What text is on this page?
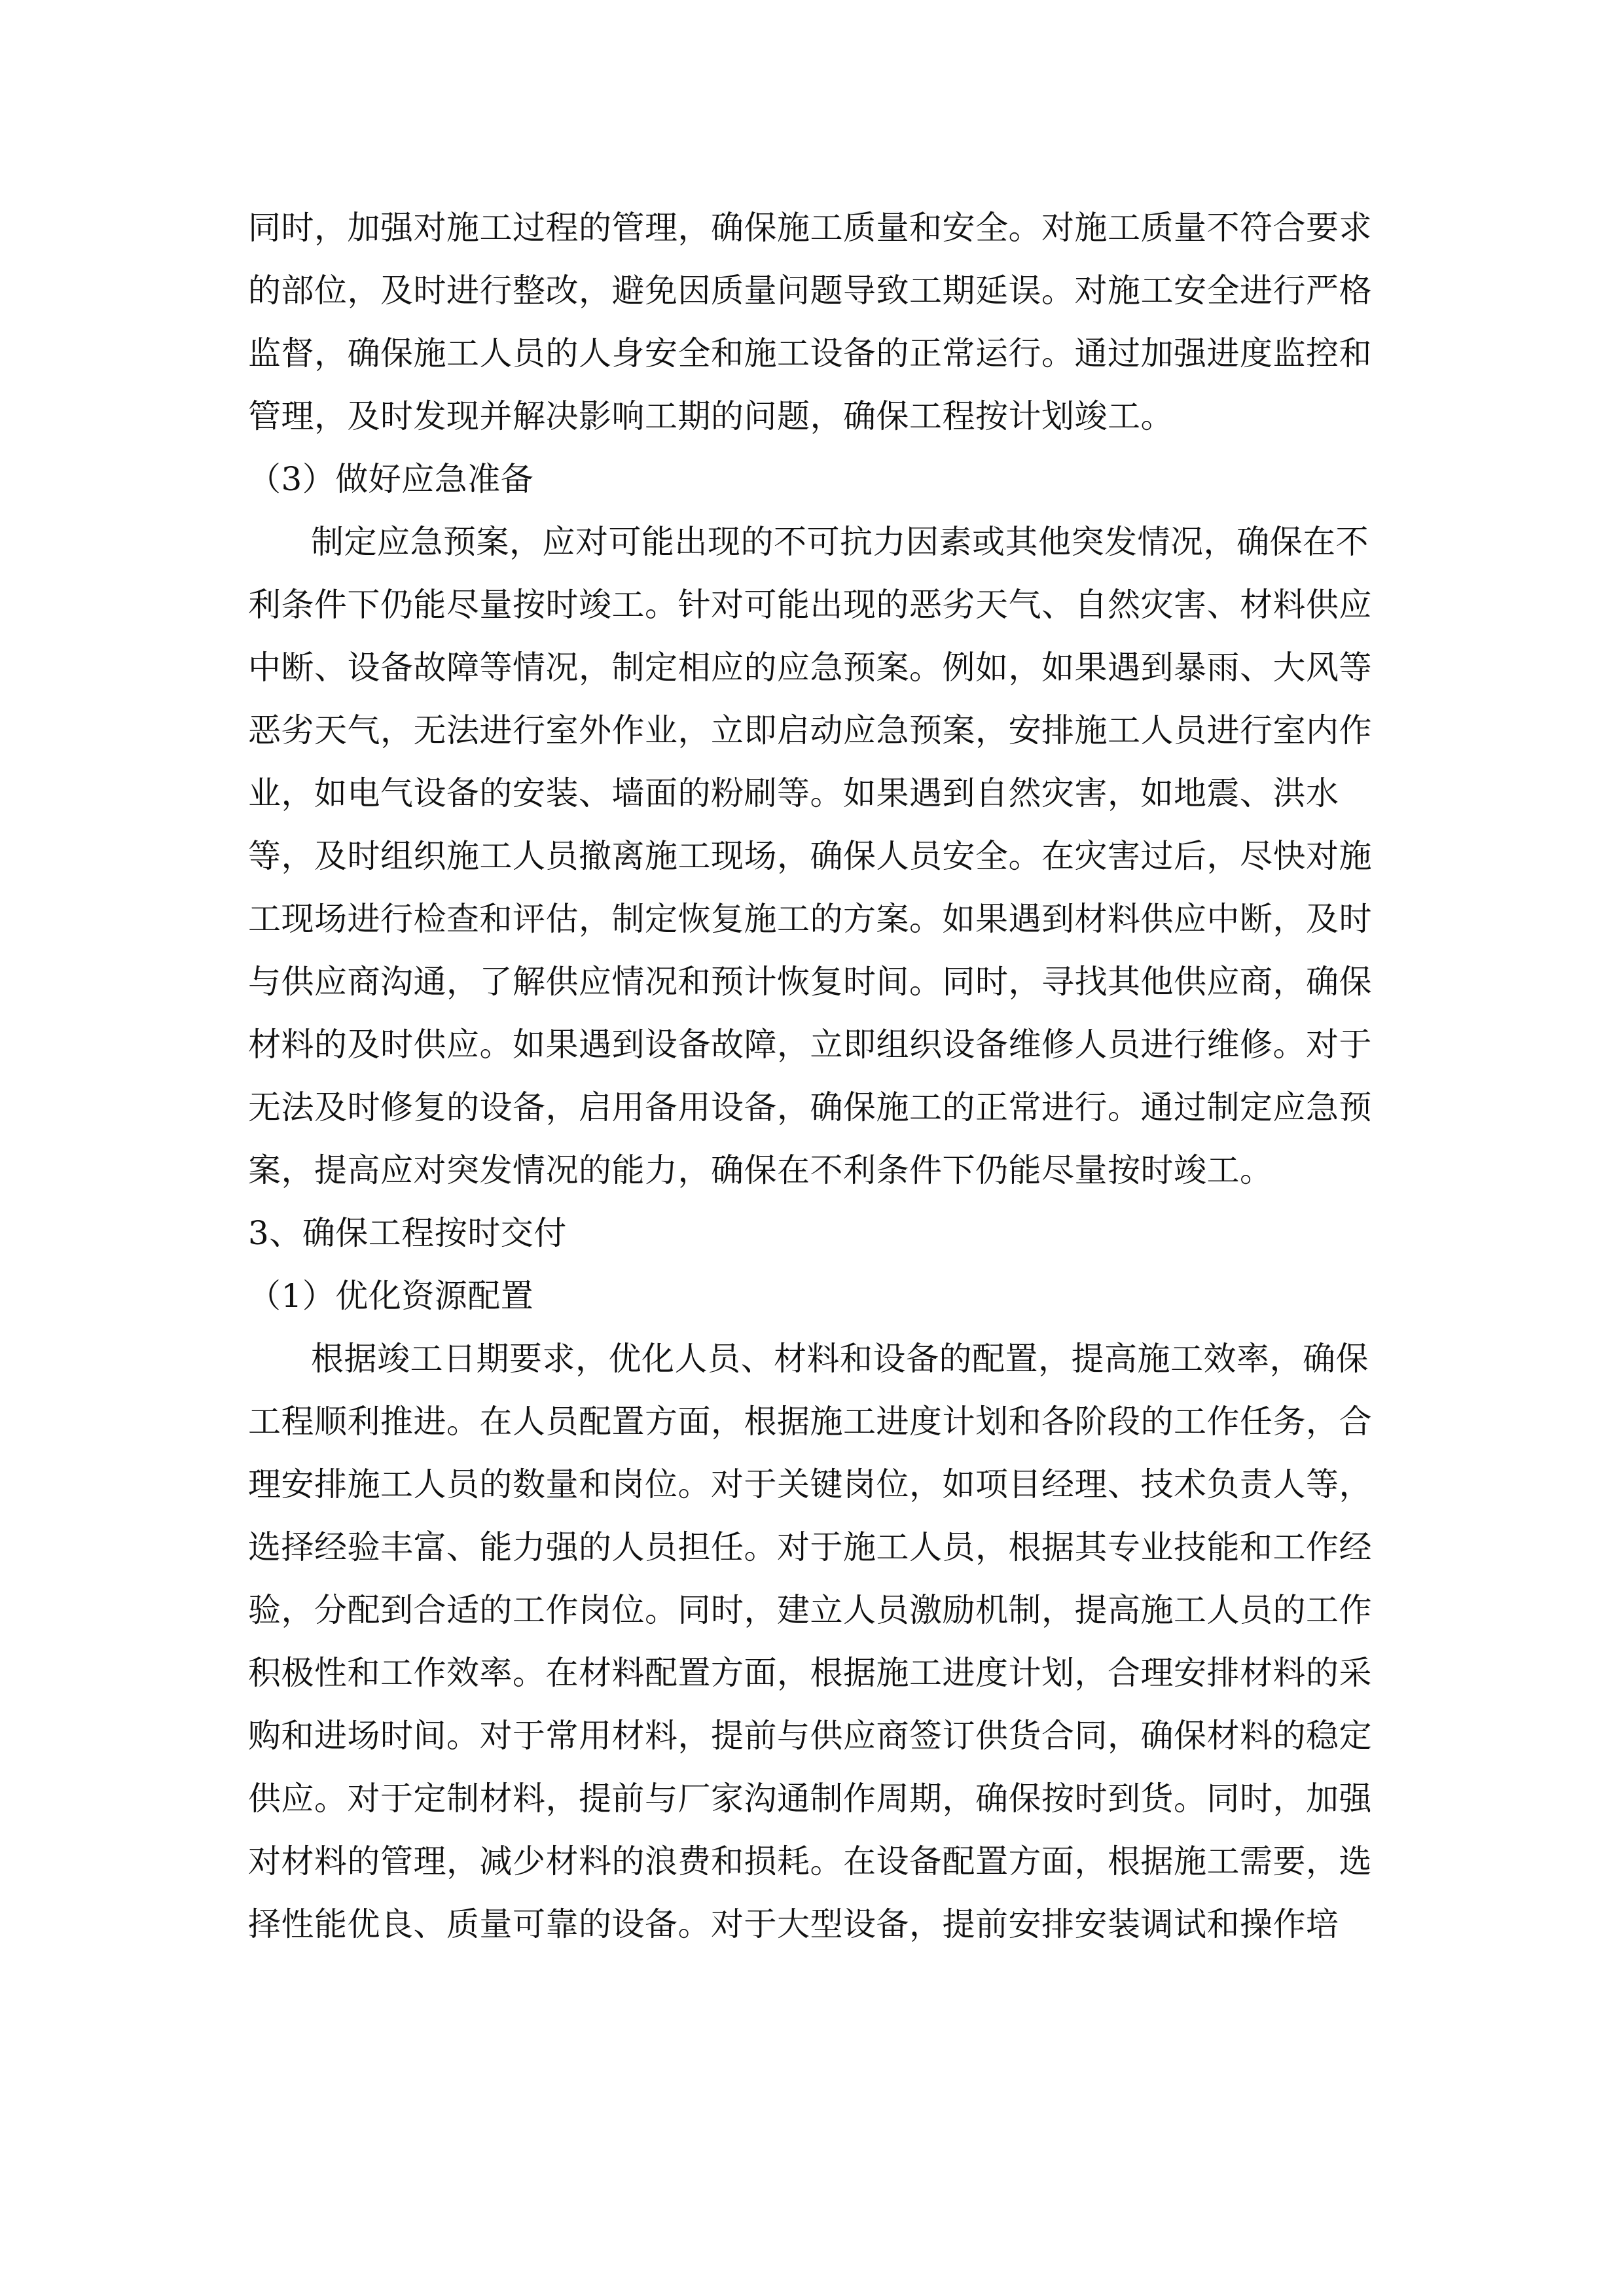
同时，加强对施工过程的管理，确保施工质量和安全。对施工质量不符合要求
的部位，及时进行整改，避免因质量问题导致工期延误。对施工安全进行严格
监督，确保施工人员的人身安全和施工设备的正常运行。通过加强进度监控和
管理，及时发现并解决影响工期的问题，确保工程按计划竣工。
（3）做好应急准备
制定应急预案，应对可能出现的不可抗力因素或其他突发情况，确保在不
利条件下仍能尽量按时竣工。针对可能出现的恶劣天气、自然灾害、材料供应
中断、设备故障等情况，制定相应的应急预案。例如，如果遇到暴雨、大风等
恶劣天气，无法进行室外作业，立即启动应急预案，安排施工人员进行室内作
业，如电气设备的安装、墙面的粉刷等。如果遇到自然灾害，如地震、洪水
等，及时组织施工人员撤离施工现场，确保人员安全。在灾害过后，尽快对施
工现场进行检查和评估，制定恢复施工的方案。如果遇到材料供应中断，及时
与供应商沟通，了解供应情况和预计恢复时间。同时，寻找其他供应商，确保
材料的及时供应。如果遇到设备故障，立即组织设备维修人员进行维修。对于
无法及时修复的设备，启用备用设备，确保施工的正常进行。通过制定应急预
案，提高应对突发情况的能力，确保在不利条件下仍能尽量按时竣工。
3、确保工程按时交付
（1）优化资源配置
根据竣工日期要求，优化人员、材料和设备的配置，提高施工效率，确保
工程顺利推进。在人员配置方面，根据施工进度计划和各阶段的工作任务，合
理安排施工人员的数量和岗位。对于关键岗位，如项目经理、技术负责人等，
选择经验丰富、能力强的人员担任。对于施工人员，根据其专业技能和工作经
验，分配到合适的工作岗位。同时，建立人员激励机制，提高施工人员的工作
积极性和工作效率。在材料配置方面，根据施工进度计划，合理安排材料的采
购和进场时间。对于常用材料，提前与供应商签订供货合同，确保材料的稳定
供应。对于定制材料，提前与厂家沟通制作周期，确保按时到货。同时，加强
对材料的管理，减少材料的浪费和损耗。在设备配置方面，根据施工需要，选
择性能优良、质量可靠的设备。对于大型设备，提前安排安装调试和操作培
